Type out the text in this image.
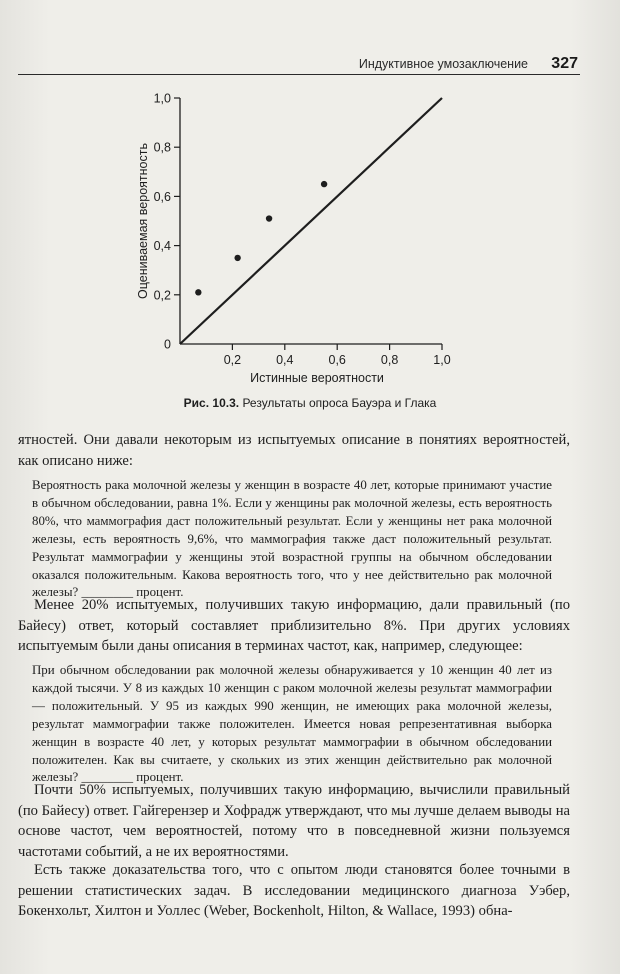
Индуктивное умозаключение 327
0,2	0,4	0,6	0,8	1,0
0
0,2
0,4
0,6
0,8
1,0
Истинные вероятности
Оцениваемая вероятность
Рис. 10.3. Результаты опроса Бауэра и Глака
ятностей. Они давали некоторым из испытуемых описание в понятиях вероятностей, как описано ниже:
Вероятность рака молочной железы у женщин в возрасте 40 лет, которые принимают участие в обычном обследовании, равна 1%. Если у женщины рак молочной железы, есть вероятность 80%, что маммография даст положительный результат. Если у женщины нет рака молочной железы, есть вероятность 9,6%, что маммография также даст положительный результат. Результат маммографии у женщины этой возрастной группы на обычном обследовании оказался положительным. Какова вероятность того, что у нее действительно рак молочной железы? ________ процент.
Менее 20% испытуемых, получивших такую информацию, дали правильный (по Байесу) ответ, который составляет приблизительно 8%. При других условиях испытуемым были даны описания в терминах частот, как, например, следующее:
При обычном обследовании рак молочной железы обнаруживается у 10 женщин 40 лет из каждой тысячи. У 8 из каждых 10 женщин с раком молочной железы результат маммографии — положительный. У 95 из каждых 990 женщин, не имеющих рака молочной железы, результат маммографии также положителен. Имеется новая репрезентативная выборка женщин в возрасте 40 лет, у которых результат маммографии в обычном обследовании положителен. Как вы считаете, у скольких из этих женщин действительно рак молочной железы? ________ процент.
Почти 50% испытуемых, получивших такую информацию, вычислили правильный (по Байесу) ответ. Гайгерензер и Хофрадж утверждают, что мы лучше делаем выводы на основе частот, чем вероятностей, потому что в повседневной жизни пользуемся частотами событий, а не их вероятностями.
Есть также доказательства того, что с опытом люди становятся более точными в решении статистических задач. В исследовании медицинского диагноза Уэбер, Бокенхольт, Хилтон и Уоллес (Weber, Bockenholt, Hilton, & Wallace, 1993) обна-
